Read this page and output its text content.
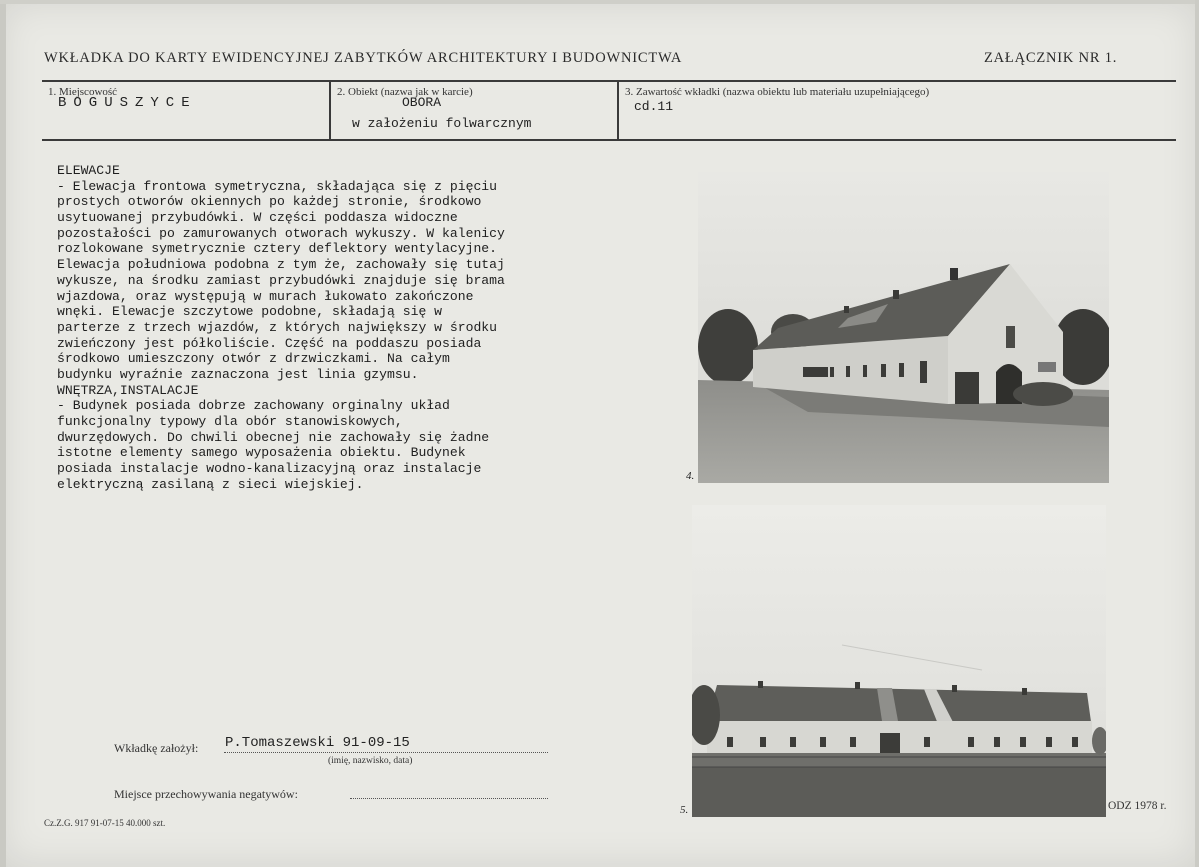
WKŁADKA DO KARTY EWIDENCYJNEJ ZABYTKÓW ARCHITEKTURY I BUDOWNICTWA	ZAŁĄCZNIK NR 1.
1. Miejscowość
BOGUSZYCE
2. Obiekt (nazwa jak w karcie)
OBORA
w założeniu folwarcznym
3. Zawartość wkładki (nazwa obiektu lub materiału uzupełniającego)
cd.11
ELEWACJE
- Elewacja frontowa symetryczna, składająca się z pięciu
prostych otworów okiennych po każdej stronie, środkowo
usytuowanej przybudówki. W części poddasza widoczne
pozostałości po zamurowanych otworach wykuszy. W kalenicy
rozlokowane symetrycznie cztery deflektory wentylacyjne.
Elewacja południowa podobna z tym że, zachowały się tutaj
wykusze, na środku zamiast przybudówki znajduje się brama
wjazdowa, oraz występują w murach łukowato zakończone
wnęki. Elewacje szczytowe podobne, składają się w
parterze z trzech wjazdów, z których największy w środku
zwieńczony jest półkoliście. Część na poddaszu posiada
środkowo umieszczony otwór z drzwiczkami. Na całym
budynku wyraźnie zaznaczona jest linia gzymsu.
WNĘTRZA,INSTALACJE
- Budynek posiada dobrze zachowany orginalny układ
funkcjonalny typowy dla obór stanowiskowych,
dwurzędowych. Do chwili obecnej nie zachowały się żadne
istotne elementy samego wyposażenia obiektu. Budynek
posiada instalacje wodno-kanalizacyjną oraz instalacje
elektryczną zasilaną z sieci wiejskiej.
4.
5.
Wkładkę założył: P.Tomaszewski 91-09-15
(imię, nazwisko, data)
Miejsce przechowywania negatywów:
Cz.Z.G. 917 91-07-15 40.000 szt.
ODZ 1978 r.
